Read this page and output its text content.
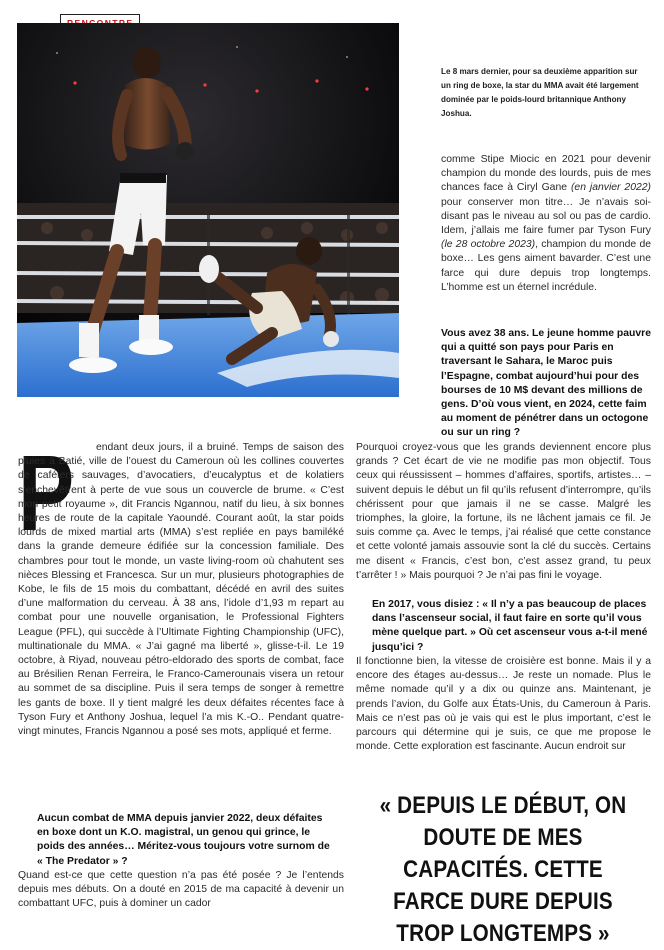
Le 8 mars dernier, pour sa deuxième apparition sur un ring de boxe, la star du MMA avait été largement dominée par le poids-lourd britannique Anthony Joshua.
P	endant deux jours, il a bruiné. Temps de saison des pluies à Batié, ville de l’ouest du Cameroun où les collines couvertes de caféiers sauvages, d’avocatiers, d’eucalyptus et de kolatiers s’enchevêtrent à perte de vue sous un couvercle de brume. « C’est mon petit royaume », dit Francis Ngannou, natif du lieu, à six bonnes heures de route de la capitale Yaoundé. Courant août, la star poids lourds de mixed martial arts (MMA) s’est repliée en pays bamiléké dans la grande demeure édifiée sur la concession familiale. Des chambres pour tout le monde, un vaste living-room où chahutent ses nièces Blessing et Francesca. Sur un mur, plusieurs photographies de Kobe, le fils de 15 mois du combattant, décédé en avril des suites d’une malformation du cerveau. À 38 ans, l’idole d’1,93 m repart au combat pour une nouvelle organisation, le Professional Fighters League (PFL), qui succède à l’Ultimate Fighting Championship (UFC), multinationale du MMA. « J’ai gagné ma liberté », glisse-t-il. Le 19 octobre, à Riyad, nouveau pétro-eldorado des sports de combat, face au Brésilien Renan Ferreira, le Franco-Camerounais visera un retour au sommet de sa discipline. Puis il sera temps de songer à remettre les gants de boxe. Il y tient malgré les deux défaites récentes face à Tyson Fury et Anthony Joshua, lequel l’a mis K.-O.. Pendant quatre-vingt minutes, Francis Ngannou a posé ses mots, appliqué et ferme.

Aucun combat de MMA depuis janvier 2022, deux défaites en boxe dont un K.O. magistral, un genou qui grince, le poids des années… Méritez-vous toujours votre surnom de « The Predator » ?

Quand est-ce que cette question n’a pas été posée ? Je l’entends depuis mes débuts. On a douté en 2015 de ma capacité à devenir un combattant UFC, puis à dominer un cador

comme Stipe Miocic en 2021 pour devenir champion du monde des lourds, puis de mes chances face à Ciryl Gane (en janvier 2022) pour conserver mon titre… Je n’avais soi-disant pas le niveau au sol ou pas de cardio. Idem, j’allais me faire fumer par Tyson Fury (le 28 octobre 2023), champion du monde de boxe… Les gens aiment bavarder. C’est une farce qui dure depuis trop longtemps. L’homme est un éternel incrédule.

Vous avez 38 ans. Le jeune homme pauvre qui a quitté son pays pour Paris en traversant le Sahara, le Maroc puis l’Espagne, combat aujourd’hui pour des bourses de 10 M$ devant des millions de gens. D’où vous vient, en 2024, cette faim au moment de pénétrer dans un octogone ou sur un ring ?

Pourquoi croyez-vous que les grands deviennent encore plus grands ? Cet écart de vie ne modifie pas mon objectif. Tous ceux qui réussissent – hommes d’affaires, sportifs, artistes… – suivent depuis le début un fil qu’ils refusent d’interrompre, qu’ils chérissent pour que jamais il ne se casse. Malgré les triomphes, la gloire, la fortune, ils ne lâchent jamais ce fil. Je suis comme ça. Avec le temps, j’ai réalisé que cette constance et cette volonté jamais assouvie sont la clé du succès. Certains me disent « Francis, c’est bon, c’est assez grand, tu peux t’arrêter ! » Mais pourquoi ? Je n’ai pas fini le voyage.

En 2017, vous disiez : « Il n’y a pas beaucoup de places dans l’ascenseur social, il faut faire en sorte qu’il vous mène quelque part. » Où cet ascenseur vous a-t-il mené jusqu’ici ?

Il fonctionne bien, la vitesse de croisière est bonne. Mais il y a encore des étages au-dessus… Je reste un nomade. Plus le même nomade qu’il y a dix ou quinze ans. Maintenant, je prends l’avion, du Golfe aux États-Unis, du Cameroun à Paris. Mais ce n’est pas où je vais qui est le plus important, c’est le parcours qui détermine qui je suis, ce que me propose le monde. Cette exploration est fascinante. Aucun endroit sur

« DEPUIS LE DÉBUT, ON DOUTE DE MES CAPACITÉS. CETTE FARCE DURE DEPUIS TROP LONGTEMPS »
